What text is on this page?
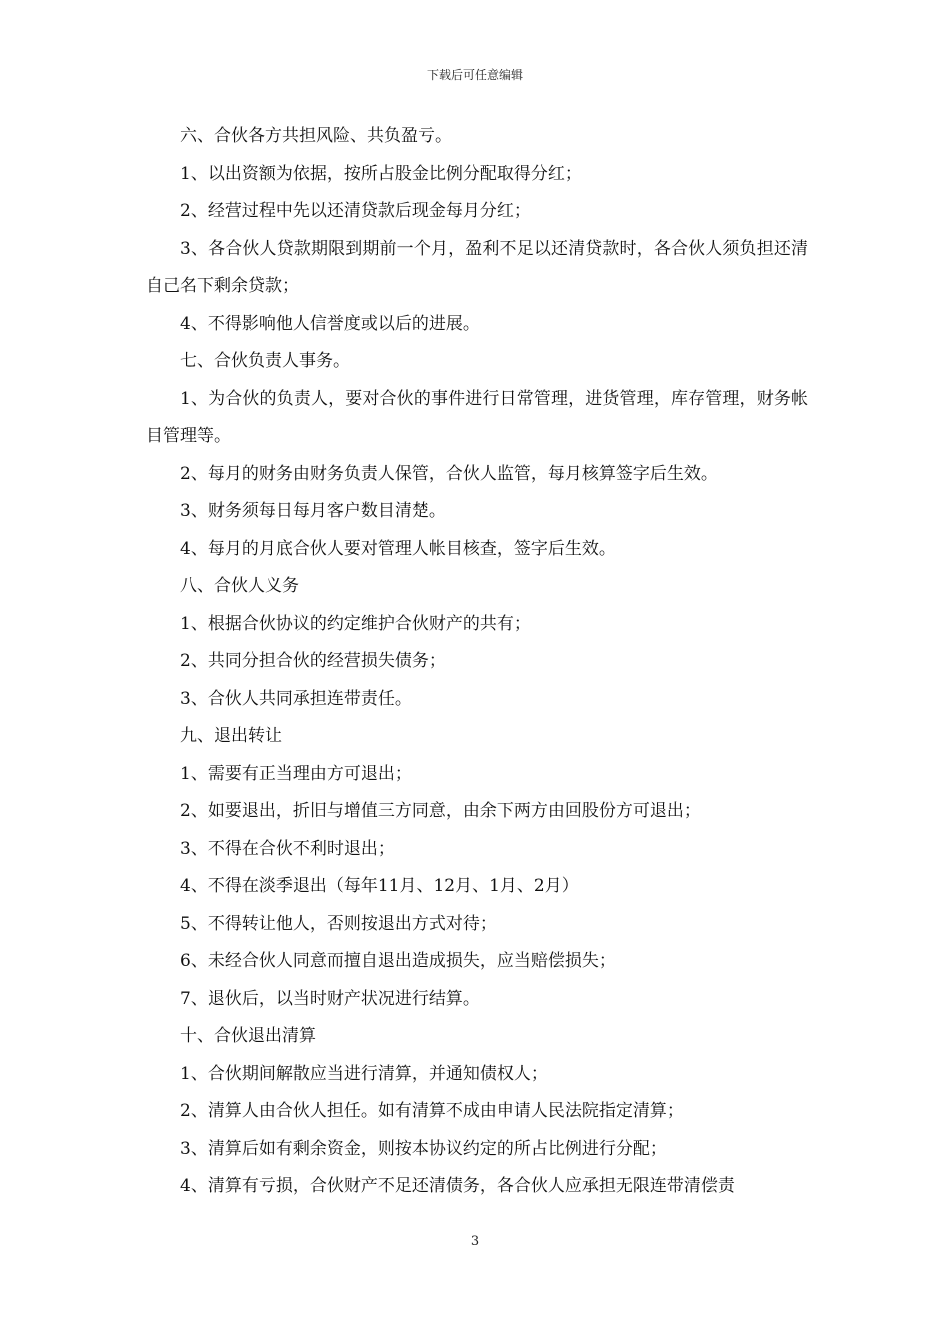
下载后可任意编辑

六、合伙各方共担风险、共负盈亏。

1、以出资额为依据，按所占股金比例分配取得分红；

2、经营过程中先以还清贷款后现金每月分红；

3、各合伙人贷款期限到期前一个月，盈利不足以还清贷款时，各合伙人须负担还清自己名下剩余贷款；

4、不得影响他人信誉度或以后的进展。

七、合伙负责人事务。

1、为合伙的负责人，要对合伙的事件进行日常管理，进货管理，库存管理，财务帐目管理等。

2、每月的财务由财务负责人保管，合伙人监管，每月核算签字后生效。

3、财务须每日每月客户数目清楚。

4、每月的月底合伙人要对管理人帐目核查，签字后生效。

八、合伙人义务

1、根据合伙协议的约定维护合伙财产的共有；

2、共同分担合伙的经营损失债务；

3、合伙人共同承担连带责任。

九、退出转让

1、需要有正当理由方可退出；

2、如要退出，折旧与增值三方同意，由余下两方由回股份方可退出；

3、不得在合伙不利时退出；

4、不得在淡季退出（每年11月、12月、1月、2月）

5、不得转让他人，否则按退出方式对待；

6、未经合伙人同意而擅自退出造成损失，应当赔偿损失；

7、退伙后，以当时财产状况进行结算。

十、合伙退出清算

1、合伙期间解散应当进行清算，并通知债权人；

2、清算人由合伙人担任。如有清算不成由申请人民法院指定清算；

3、清算后如有剩余资金，则按本协议约定的所占比例进行分配；

4、清算有亏损，合伙财产不足还清债务，各合伙人应承担无限连带清偿责

3
